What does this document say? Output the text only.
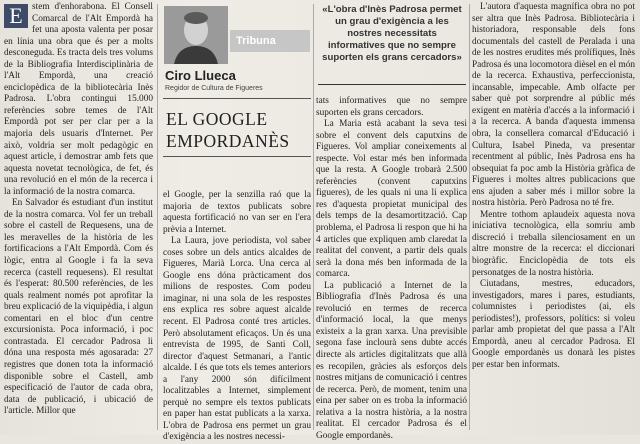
E stem d'enhorabona. El Consell Comarcal de l'Alt Empordà ha fet una apostа valenta per posar en línia una obra que és per a molts desconeguda. Es tracta dels tres volums de la Bibliografia Interdisciplinària de l'Alt Empordà, una creació enciclopèdica de la bibliotecària Inès Padrosa. L'obra contingui 15.000 referències sobre temes de l'Alt Empordà pot ser per clar per a la majoria dels usuaris d'Internet. Per això, voldria ser molt pedagògic en aquest article, i demostrar amb fets que aquesta novetat tecnològica, de fet, és una revolució en el món de la recerca i la informació de la nostra comarca.

En Salvador és estudiant d'un institut de la nostra comarca. Vol fer un treball sobre el castell de Requesens, una de les meravelles de la història de les fortificacions a l'Alt Empordà. Com és lògic, entra al Google i fa la seva recerca (castell requesens). El resultat és l'esperat: 80.500 referències, de les quals realment només pot aprofitar la breu explicació de la viquipèdia, i algun comentari en el bloc d'un centre excursionista. Poca informació, i poc contrastada. El cercador Padrosa li dóna una resposta més agosarada: 27 registres que donen tota la informació disponible sobre el Castell, amb especificació de l'autor de cada obra, data de publicació, i ubicació de l'article. Millor que

Tribuna
Ciro Llueca
Regidor de Cultura de Figueres
EL GOOGLE EMPORDANÈS

el Google, per la senzilla raó que la majoria de textos publicats sobre aquesta fortificació no van ser en l'era prèvia a Internet.

La Laura, jove periodista, vol saber coses sobre un dels antics alcaldes de Figueres, Marià Lorca. Una cerca al Google ens dóna pràcticament dos milions de respostes. Com podeu imaginar, ni una sola de les respostes ens explica res sobre aquest alcalde recent. El Padrosa conté tres articles. Però absolutament eficaços. Un és una entrevista de 1995, de Santi Coll, director d'aquest Setmanari, a l'antic alcalde. I és que tots els temes anteriors a l'any 2000 són difícilment localitzables a Internet, simplement perquè no sempre els textos publicats en paper han estat publicats a la xarxa. L'obra de Padrosa ens permet un grau d'exigència a les nostres necessi-

«L'obra d'Inès Padrosa permet un grau d'exigència a les nostres necessitats informatives que no sempre suporten els grans cercadors»

tats informatives que no sempre suporten els grans cercadors.

La Maria està acabant la seva tesi sobre el convent dels caputxins de Figueres. Vol ampliar coneixements al respecte. Vol estar més ben informada que la resta. A Google trobarà 2.500 referències (convent caputxins figueres), de les quals ni una li explica res d'aquesta propietat municipal des dels temps de la desamortització. Cap problema, el Padrosa li respon que hi ha 4 articles que expliquen amb claredat la realitat del convent, a partir dels quals serà la dona més ben informada de la comarca.

La publicació a Internet de la Bibliografia d'Inès Padrosa és una revolució en termes de recerca d'informació local, la que menys existeix a la gran xarxa. Una previsible segona fase inclourà sens dubte accés directe als articles digitalitzats que allà es recopilen, gràcies als esforços dels nostres mitjans de comunicació i centres de recerca. Però, de moment, tenim una eina per saber on es troba la informació relativa a la nostra història, a la nostra realitat. El cercador Padrosa és el Google empordanès.

L'autora d'aquesta magnífica obra no pot ser altra que Inès Padrosa. Bibliotecària i historiadora, responsable dels fons documentals del castell de Peralada i una de les nostres erudites més prolífiques, Inès Padrosa és una locomotora dièsel en el món de la recerca. Exhaustiva, perfeccionista, incansable, impecable. Amb olfacte per saber què pot sorprendre al públic més exigent en matèria d'accés a la informació i a la recerca. A banda d'aquesta immensa obra, la consellera comarcal d'Educació i Cultura, Isabel Pineda, va presentar recentment al públic, Inès Padrosa ens ha obsequiat fa poc amb la Història gràfica de Figueres i moltes altres publicacions que ens ajuden a saber més i millor sobre la nostra història. Però Padrosa no té fre.

Mentre tothom aplaudeix aquesta nova iniciativa tecnològica, ella somriu amb discreció i treballa silenciosament en un altre monstre de la recerca: el diccionari biogràfic. Enciclopèdia de tots els personatges de la nostra història.

Ciutadans, mestres, educadors, investigadors, mares i pares, estudiants, columnistes i periodistes (ai, els periodistes!), professors, polítics: si voleu parlar amb propietat del que passa a l'Alt Empordà, aneu al cercador Padrosa. El Google empordanès us donarà les pistes per estar ben informats.
